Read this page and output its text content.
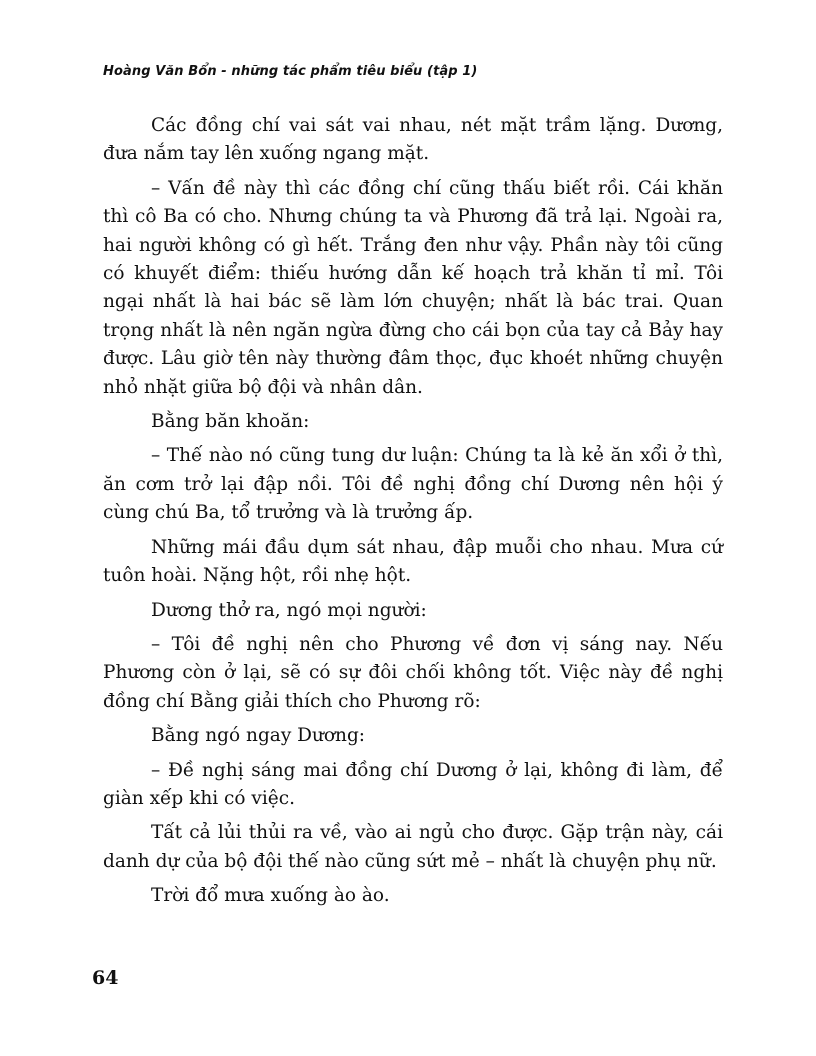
Hoàng Văn Bổn - những tác phẩm tiêu biểu (tập 1)

Các đồng chí vai sát vai nhau, nét mặt trầm lặng. Dương, đưa nắm tay lên xuống ngang mặt.

– Vấn đề này thì các đồng chí cũng thấu biết rồi. Cái khăn thì cô Ba có cho. Nhưng chúng ta và Phương đã trả lại. Ngoài ra, hai người không có gì hết. Trắng đen như vậy. Phần này tôi cũng có khuyết điểm: thiếu hướng dẫn kế hoạch trả khăn tỉ mỉ. Tôi ngại nhất là hai bác sẽ làm lớn chuyện; nhất là bác trai. Quan trọng nhất là nên ngăn ngừa đừng cho cái bọn của tay cả Bảy hay được. Lâu giờ tên này thường đâm thọc, đục khoét những chuyện nhỏ nhặt giữa bộ đội và nhân dân.

Bằng băn khoăn:

– Thế nào nó cũng tung dư luận: Chúng ta là kẻ ăn xổi ở thì, ăn cơm trở lại đập nồi. Tôi đề nghị đồng chí Dương nên hội ý cùng chú Ba, tổ trưởng và là trưởng ấp.

Những mái đầu dụm sát nhau, đập muỗi cho nhau. Mưa cứ tuôn hoài. Nặng hột, rồi nhẹ hột.

Dương thở ra, ngó mọi người:

– Tôi đề nghị nên cho Phương về đơn vị sáng nay. Nếu Phương còn ở lại, sẽ có sự đôi chối không tốt. Việc này đề nghị đồng chí Bằng giải thích cho Phương rõ:

Bằng ngó ngay Dương:

– Đề nghị sáng mai đồng chí Dương ở lại, không đi làm, để giàn xếp khi có việc.

Tất cả lủi thủi ra về, vào ai ngủ cho được. Gặp trận này, cái danh dự của bộ đội thế nào cũng sứt mẻ – nhất là chuyện phụ nữ.

Trời đổ mưa xuống ào ào.

64
